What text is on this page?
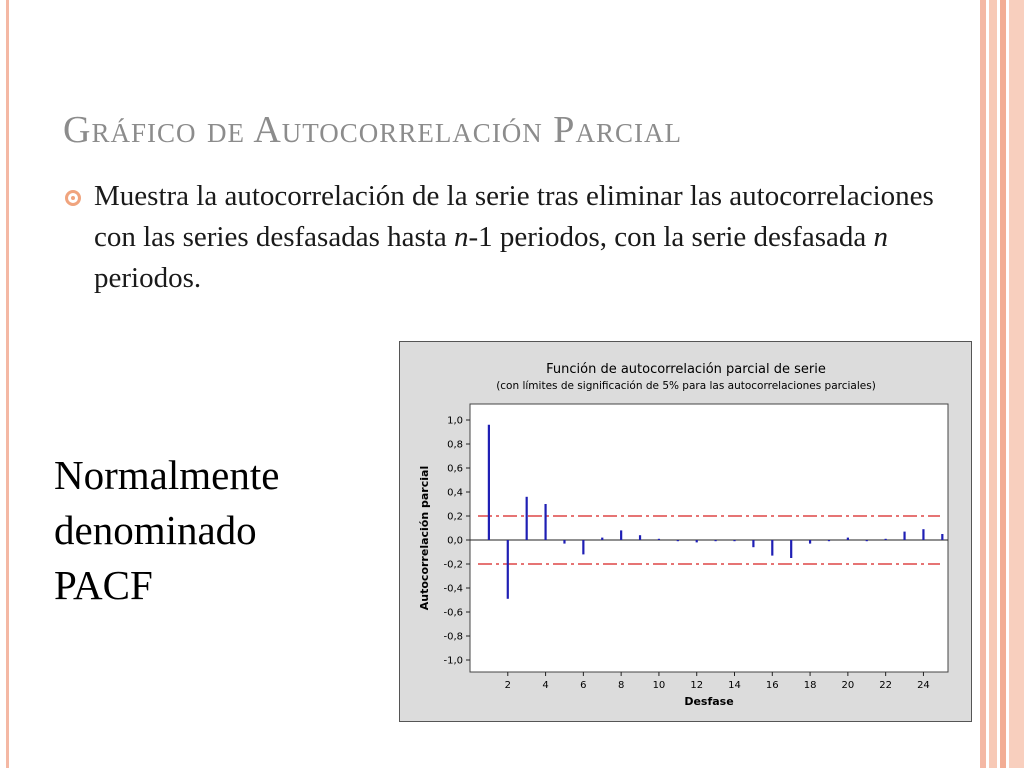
Gráfico de Autocorrelación Parcial
Muestra la autocorrelación de la serie tras eliminar las autocorrelaciones con las series desfasadas hasta n-1 periodos, con la serie desfasada n periodos.
Normalmente
denominado
PACF
Función de autocorrelación parcial de serie
(con límites de significación de 5% para las autocorrelaciones parciales)
1,0
0,8
0,6
0,4
0,2
0,0
-0,2
-0,4
-0,6
-0,8
-1,0
2	4	6	8	10	12	14	16	18	20	22	24
Desfase
Autocorrelación parcial
